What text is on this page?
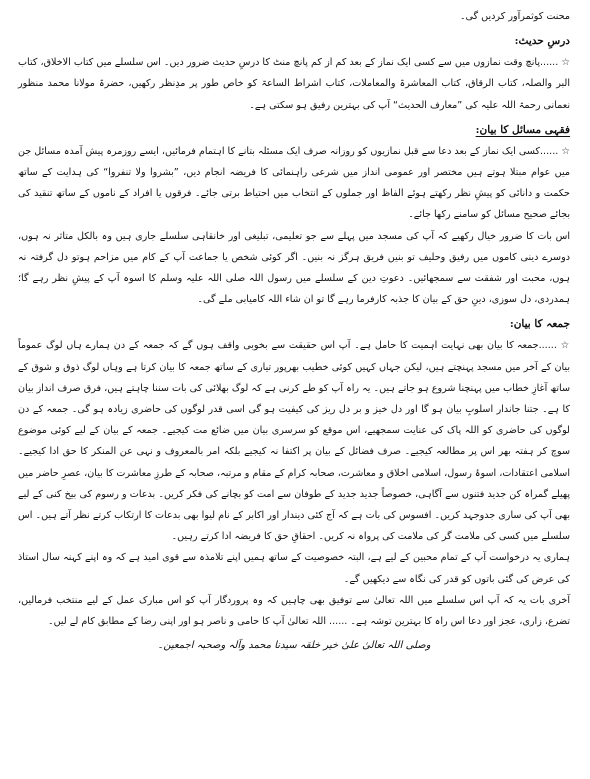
محنت کوثمرآور کردیں گی۔

درسِ حدیث:

☆ ......پانچ وقت نمازوں میں سے کسی ایک نماز کے بعد کم از کم پانچ منٹ کا درسِ حدیث ضرور دیں۔ اس سلسلے میں کتاب الاخلاق، کتاب البر والصلہ، کتاب الرقاق، کتاب المعاشرۃ والمعاملات، کتاب اشراط الساعۃ کو خاص طور پر مدِنظر رکھیں، حضرۃ مولانا محمد منظور نعمانی رحمۃ اللہ علیہ کی ”معارف الحدیث“ آپ کی بہترین رفیق ہو سکتی ہے۔

فقہی مسائل کا بیان:

☆ ......کسی ایک نماز کے بعد دعا سے قبل نمازیوں کو روزانہ صرف ایک مسئلہ بتانے کا اہتمام فرمائیں، ایسے روزمرہ پیش آمدہ مسائل جن میں عوام مبتلا ہوتے ہیں مختصر اور عمومی انداز میں شرعی راہنمائی کا فریضہ انجام دیں، ”بشروا ولا تنفروا“ کی ہدایت کے ساتھ حکمت و دانائی کو پیشِ نظر رکھتے ہوئے الفاظ اور جملوں کے انتخاب میں احتیاط برتی جائے۔ فرقوں یا افراد کے ناموں کے ساتھ تنقید کی بجائے صحیح مسائل کو سامنے رکھا جائے۔

اس بات کا ضرور خیال رکھیے کہ آپ کی مسجد میں پہلے سے جو تعلیمی، تبلیغی اور خانقاہی سلسلے جاری ہیں وہ بالکل متاثر نہ ہوں، دوسرے دینی کاموں میں رفیق وحلیف تو بنیں فریق ہرگز نہ بنیں۔ اگر کوئی شخص یا جماعت آپ کے کام میں مزاحم ہوتو دل گرفتہ نہ ہوں، محبت اور شفقت سے سمجھائیں۔ دعوتِ دین کے سلسلے میں رسول اللہ صلی اللہ علیہ وسلم کا اسوہ آپ کے پیشِ نظر رہے گا؛ ہمدردی، دل سوزی، دینِ حق کے بیان کا جذبہ کارفرما رہے گا تو ان شاء اللہ کامیابی ملے گی۔

جمعہ کا بیان:

☆ ......جمعہ کا بیان بھی نہایت اہمیت کا حامل ہے۔ آپ اس حقیقت سے بخوبی واقف ہوں گے کہ جمعہ کے دن ہمارے ہاں لوگ عموماً بیان کے آخر میں مسجد پہنچتے ہیں، لیکن جہاں کہیں کوئی خطیب بھرپور تیاری کے ساتھ جمعہ کا بیان کرتا ہے وہاں لوگ ذوق و شوق کے ساتھ آغازِ خطاب میں پہنچنا شروع ہو جاتے ہیں۔ یہ راہ آپ کو طے کرنی ہے کہ لوگ بھلائی کی بات سننا چاہتے ہیں، فرق صرف انداز بیان کا ہے۔ جتنا جاندار اسلوبِ بیان ہو گا اور دل خیز و بر دل ریز کی کیفیت ہو گی اسی قدر لوگوں کی حاضری زیادہ ہو گی۔ جمعہ کے دن لوگوں کی حاضری کو اللہ پاک کی عنایت سمجھیے، اس موقع کو سرسری بیان میں ضائع مت کیجیے۔ جمعہ کے بیان کے لیے کوئی موضوع سوچ کر ہفتہ بھر اس پر مطالعہ کیجیے۔ صرف فضائل کے بیان پر اکتفا نہ کیجیے بلکہ امر بالمعروف و نہی عن المنکر کا حق ادا کیجیے۔ اسلامی اعتقادات، اسوۂ رسول، اسلامی اخلاق و معاشرت، صحابہ کرام کے مقام و مرتبہ، صحابہ کے طرزِ معاشرت کا بیان، عصرِ حاضر میں پھیلے گمراہ کن جدید فتنوں سے آگاہی، خصوصاً جدید جدید کے طوفان سے امت کو بچانے کی فکر کریں۔ بدعات و رسوم کی بیخ کنی کے لیے بھی آپ کی ساری جدوجہد کریں۔ افسوس کی بات ہے کہ آج کئی دیندار اور اکابر کے نام لیوا بھی بدعات کا ارتکاب کرتے نظر آتے ہیں۔ اس سلسلے میں کسی کی ملامت گر کی ملامت کی پرواہ نہ کریں۔ احقاقِ حق کا فریضہ ادا کرتے رہیں۔

ہماری یہ درخواست آپ کے تمام محبین کے لیے ہے، البتہ خصوصیت کے ساتھ ہمیں اپنے تلامذہ سے قوی امید ہے کہ وہ اپنے کہنہ سال استاذ کی عرض کی گئی باتوں کو قدر کی نگاہ سے دیکھیں گے۔

آخری بات یہ کہ آپ اس سلسلے میں اللہ تعالیٰ سے توفیق بھی چاہیں کہ وہ پروردگار آپ کو اس مبارک عمل کے لیے منتخب فرمالیں، تضرع، زاری، عجز اور دعا اس راہ کا بہترین توشہ ہے۔ ...... اللہ تعالیٰ آپ کا حامی و ناصر ہو اور اپنی رضا کے مطابق کام لے لیں۔

وصلی اللہ تعالیٰ علیٰ خیر خلقہ سیدنا محمد وآلہ وصحبہ اجمعین۔
